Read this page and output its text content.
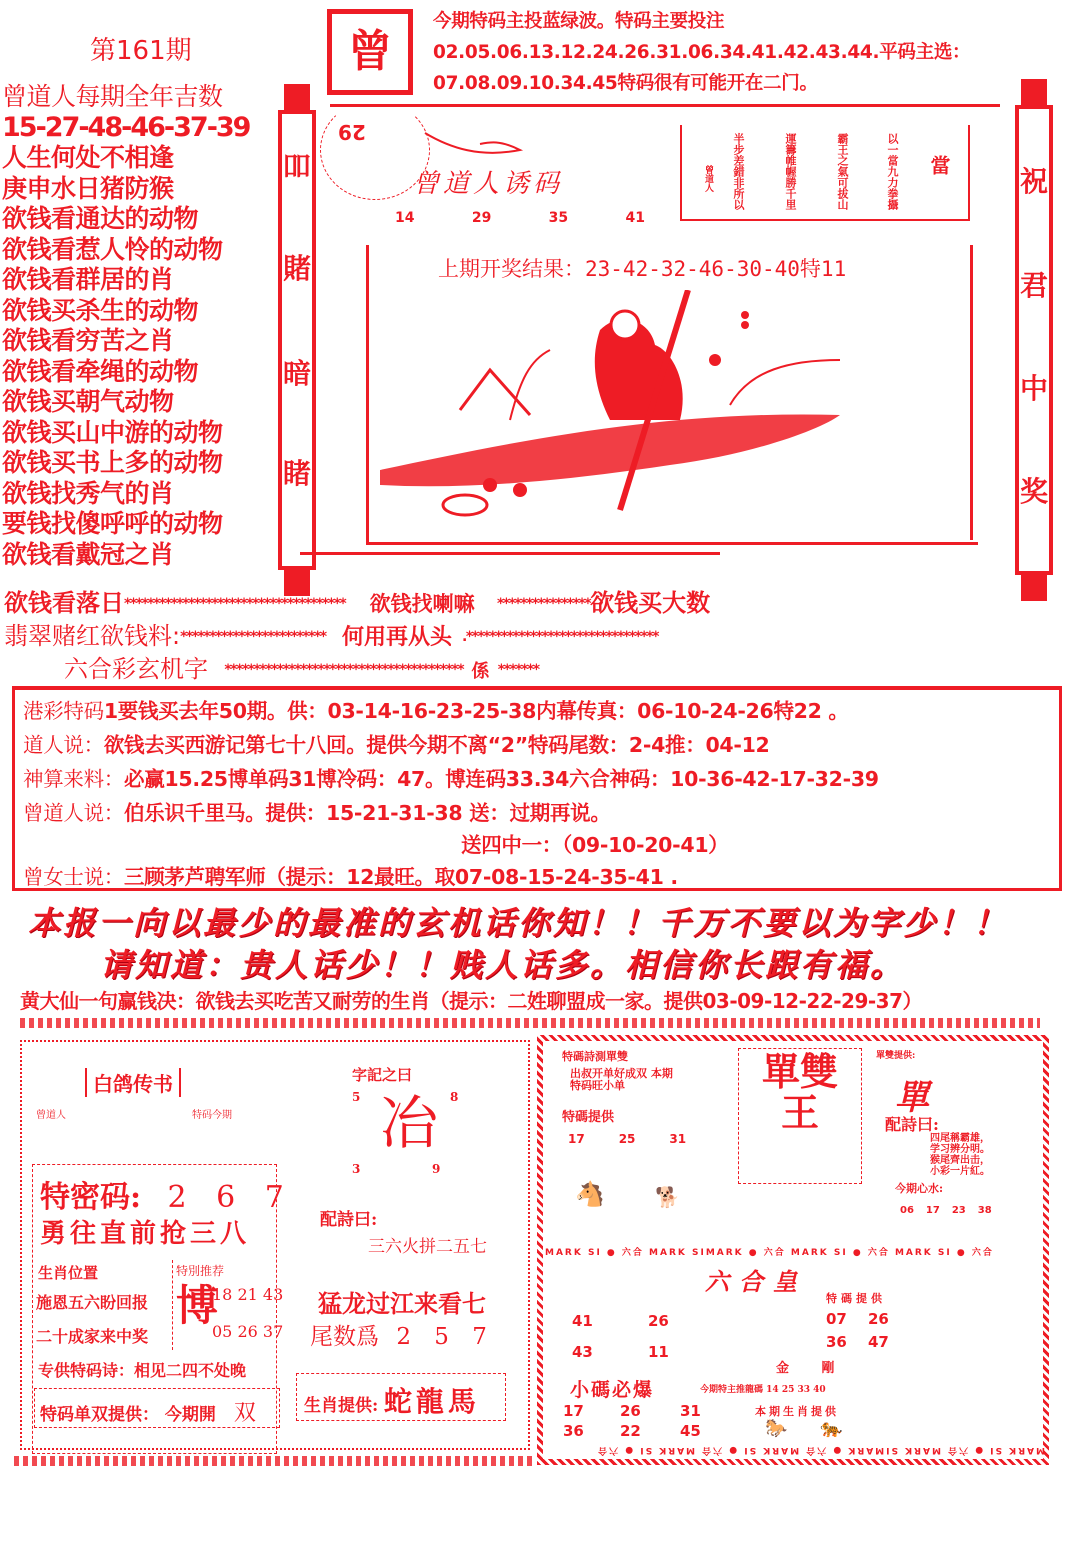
第161期	曾
今期特码主投蓝绿波。特码主要投注02.05.06.13.12.24.26.31.06.34.41.42.43.44.平码主选：07.08.09.10.34.45特码很有可能开在二门。
曾道人每期全年吉数
15-27-48-46-37-39
人生何处不相逢
庚申水日猪防猴
欲钱看通达的动物
欲钱看惹人怜的动物
欲钱看群居的肖
欲钱买杀生的动物
欲钱看穷苦之肖
欲钱看牵绳的动物
欲钱买朝气动物
欲钱买山中游的动物
欲钱买书上多的动物
欲钱找秀气的肖
要钱找傻呼呼的动物
欲钱看戴冠之肖
吅
賭
暗
睹
祝
君
中
奖
29
曾道人诱码
14	29	35	41
當
以一當九力拳攝
霸王之氣可拔山
運籌帷幄勝千里
半步差錯非所以
曾道人
上期开奖结果：23-42-32-46-30-40特11
欲钱看落日************************************** 欲钱找喇嘛 ****************欲钱买大数
翡翠赌红欲钱料:************************* 何用再从头 .*********************************
六合彩玄机字 ***************************************** 係 *******
港彩特码1要钱买去年50期。供：03-14-16-23-25-38内幕传真：06-10-24-26特22 。
道人说：欲钱去买西游记第七十八回。提供今期不离“2”特码尾数：2-4推：04-12
神算来料：必赢15.25博单码31博冷码：47。博连码33.34六合神码：10-36-42-17-32-39
曾道人说：伯乐识千里马。提供：15-21-31-38 送：过期再说。
送四中一：（09-10-20-41）
曾女士说：三顾茅芦聘军师（提示：12最旺。取07-08-15-24-35-41 .
本报一向以最少的最准的玄机话你知！！千万不要以为字少！！
请知道：贵人话少！！贱人话多。相信你长跟有福。
黄大仙一句赢钱决：欲钱去买吃苦又耐劳的生肖（提示：二姓聊盟成一家。提供03-09-12-22-29-37）
白鸽传书
曾道人	特码今期
特密码: 2 6 7
勇往直前抢三八
生肖位置
施恩五六盼回报
二十成家来中奖
特別推荐
博
18 21 43
05 26 37
专供特码诗：相见二四不处晚
特码单双提供： 今期開 双
字記之曰
5	8
冶
3	9
配詩曰:
三六火拼二五七
猛龙过江来看七
尾数爲 2 5 7
生肖提供: 蛇龍馬
特碼詩測單雙
出叔开单好成双 本期特码旺小单
特碼提供
17	25	31
🐴	🐕
單雙王
單雙提供:
單
配詩曰:
四尾稱霸雄，
学习辨分明。
猴尾齊出击，
小彩一片紅。
今期心水:
06 17 23 38
MARK SI ● 六合 MARK SIMARK ● 六合 MARK SI ● 六合 MARK SI ● 六合
六合皇
41	26
43	11
特碼提供
07 26
36 47
金 剛
小碼必爆	今期特主推龍碼 14 25 33 40
17 26	31
36 22	45
本期生肖提供
🐎 🐅
MARK SI ● 六合 MARK SIMARK ● 六合 MARK SI ● 六合 MARK SI ● 六合
